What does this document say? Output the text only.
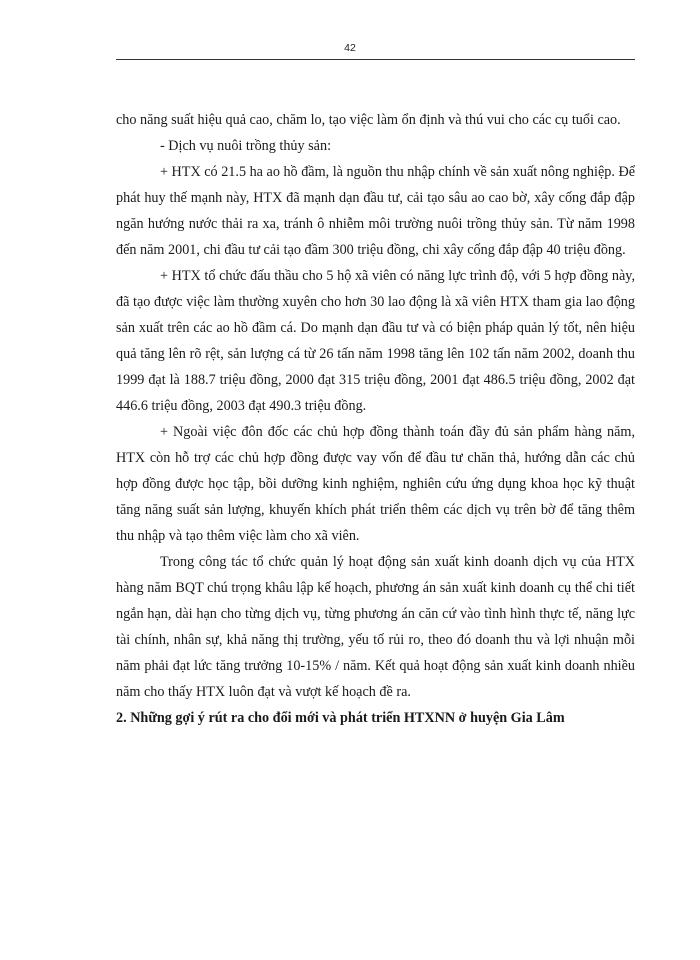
42

cho năng suất hiệu quả cao, chăm lo, tạo việc làm ổn định và thú vui cho các cụ tuổi cao.

- Dịch vụ nuôi trồng thủy sản:

+ HTX có 21.5 ha ao hồ đầm, là nguồn thu nhập chính về sản xuất nông nghiệp. Để phát huy thế mạnh này, HTX đã mạnh dạn đầu tư, cải tạo sâu ao cao bờ, xây cống đắp đập ngăn hướng nước thải ra xa, tránh ô nhiễm môi trường nuôi trồng thủy sản. Từ năm 1998 đến năm 2001, chi đầu tư cải tạo đầm 300 triệu đồng, chi xây cống đắp đập 40 triệu đồng.

+ HTX tổ chức đấu thầu cho 5 hộ xã viên có năng lực trình độ, với 5 hợp đồng này, đã tạo được việc làm thường xuyên cho hơn 30 lao động là xã viên HTX tham gia lao động sản xuất trên các ao hồ đầm cá. Do mạnh dạn đầu tư và có biện pháp quản lý tốt, nên hiệu quả tăng lên rõ rệt, sản lượng cá từ 26 tấn năm 1998 tăng lên 102 tấn năm 2002, doanh thu 1999 đạt là 188.7 triệu đồng, 2000 đạt 315 triệu đồng, 2001 đạt 486.5 triệu đồng, 2002 đạt 446.6 triệu đồng, 2003 đạt 490.3 triệu đồng.

+ Ngoài việc đôn đốc các chủ hợp đồng thành toán đầy đủ sản phẩm hàng năm, HTX còn hỗ trợ các chủ hợp đồng được vay vốn để đầu tư chăn thả, hướng dẫn các chủ hợp đồng được học tập, bồi dưỡng kinh nghiệm, nghiên cứu ứng dụng khoa học kỹ thuật tăng năng suất sản lượng, khuyến khích phát triển thêm các dịch vụ trên bờ để tăng thêm thu nhập và tạo thêm việc làm cho xã viên.

Trong công tác tổ chức quản lý hoạt động sản xuất kinh doanh dịch vụ của HTX hàng năm BQT chú trọng khâu lập kế hoạch, phương án sản xuất kinh doanh cụ thể chi tiết ngắn hạn, dài hạn cho từng dịch vụ, từng phương án căn cứ vào tình hình thực tế, năng lực tài chính, nhân sự, khả năng thị trường, yếu tố rủi ro, theo đó doanh thu và lợi nhuận mỗi năm phải đạt lức tăng trưởng 10-15% / năm. Kết quả hoạt động sản xuất kinh doanh nhiều năm cho thấy HTX luôn đạt và vượt kế hoạch đề ra.

2. Những gợi ý rút ra cho đổi mới và phát triển HTXNN ở huyện Gia Lâm
